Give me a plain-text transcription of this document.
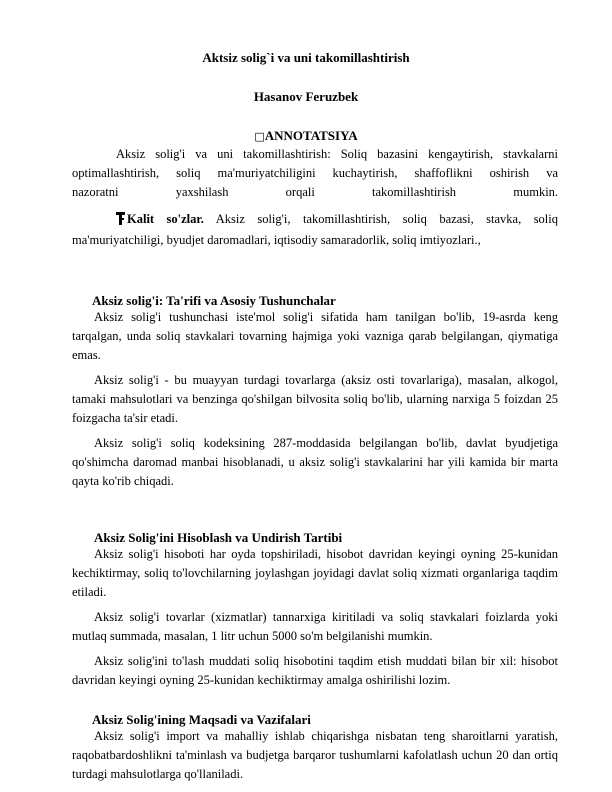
Aktsiz solig`i va uni takomillashtirish
Hasanov Feruzbek
□ANNOTATSIYA

Aksiz solig'i va uni takomillashtirish: Soliq bazasini kengaytirish, stavkalarni

optimallashtirish, soliq ma'muriyatchiligini kuchaytirish, shaffoflikni oshirish va

nazoratni	yaxshilash	orqali	takomillashtirish	mumkin.

Kalit so'zlar. Aksiz solig'i, takomillashtirish, soliq bazasi, stavka, soliq ma'muriyatchiligi, byudjet daromadlari, iqtisodiy samaradorlik, soliq imtiyozlari.,

Aksiz solig'i: Ta'rifi va Asosiy Tushunchalar

Aksiz solig'i tushunchasi iste'mol solig'i sifatida ham tanilgan bo'lib, 19-asrda keng tarqalgan, unda soliq stavkalari tovarning hajmiga yoki vazniga qarab belgilangan, qiymatiga emas.

Aksiz solig'i - bu muayyan turdagi tovarlarga (aksiz osti tovarlariga), masalan, alkogol, tamaki mahsulotlari va benzinga qo'shilgan bilvosita soliq bo'lib, ularning narxiga 5 foizdan 25 foizgacha ta'sir etadi.

Aksiz solig'i soliq kodeksining 287-moddasida belgilangan bo'lib, davlat byudjetiga qo'shimcha daromad manbai hisoblanadi, u aksiz solig'i stavkalarini har yili kamida bir marta qayta ko'rib chiqadi.

Aksiz Solig'ini Hisoblash va Undirish Tartibi

Aksiz solig'i hisoboti har oyda topshiriladi, hisobot davridan keyingi oyning 25-kunidan kechiktirmay, soliq to'lovchilarning joylashgan joyidagi davlat soliq xizmati organlariga taqdim etiladi.

Aksiz solig'i tovarlar (xizmatlar) tannarxiga kiritiladi va soliq stavkalari foizlarda yoki mutlaq summada, masalan, 1 litr uchun 5000 so'm belgilanishi mumkin.

Aksiz solig'ini to'lash muddati soliq hisobotini taqdim etish muddati bilan bir xil: hisobot davridan keyingi oyning 25-kunidan kechiktirmay amalga oshirilishi lozim.

Aksiz Solig'ining Maqsadi va Vazifalari

Aksiz solig'i import va mahalliy ishlab chiqarishga nisbatan teng sharoitlarni yaratish, raqobatbardoshlikni ta'minlash va budjetga barqaror tushumlarni kafolatlash uchun 20 dan ortiq turdagi mahsulotlarga qo'llaniladi.
